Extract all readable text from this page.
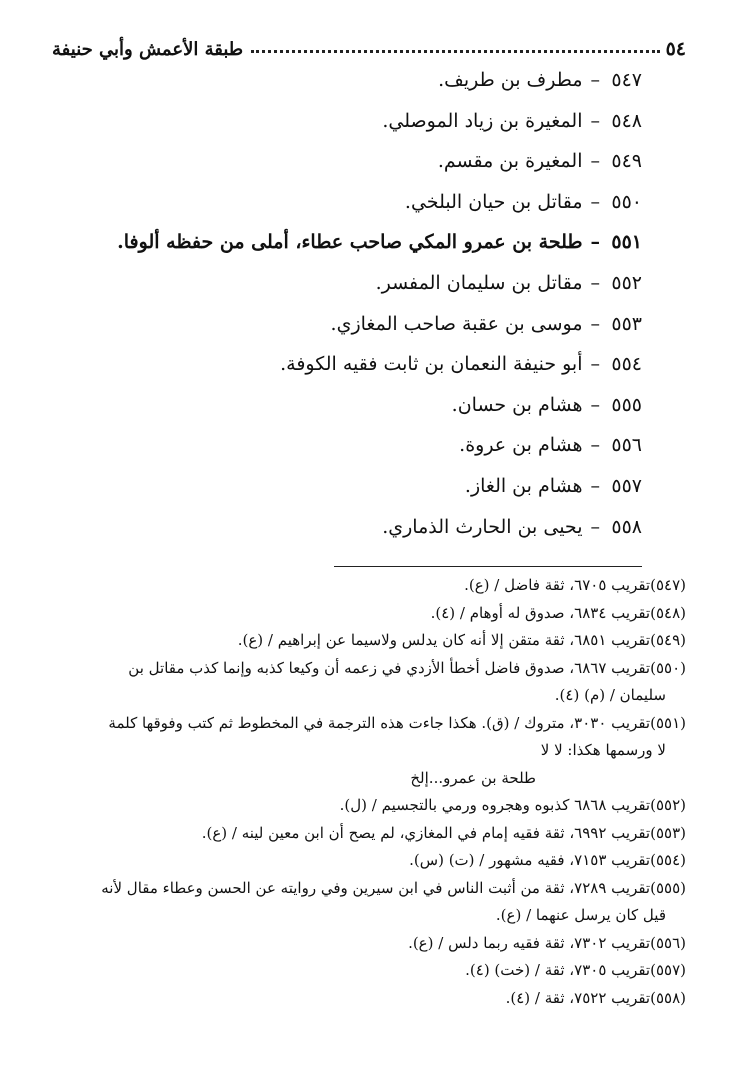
٥٤
طبقة الأعمش وأبي حنيفة
٥٤٧–مطرف بن طريف.
٥٤٨–المغيرة بن زياد الموصلي.
٥٤٩–المغيرة بن مقسم.
٥٥٠–مقاتل بن حيان البلخي.
٥٥١–طلحة بن عمرو المكي صاحب عطاء، أملى من حفظه ألوفا.
٥٥٢–مقاتل بن سليمان المفسر.
٥٥٣–موسى بن عقبة صاحب المغازي.
٥٥٤–أبو حنيفة النعمان بن ثابت فقيه الكوفة.
٥٥٥–هشام بن حسان.
٥٥٦–هشام بن عروة.
٥٥٧–هشام بن الغاز.
٥٥٨–يحيى بن الحارث الذماري.
(٥٤٧)تقريب ٦٧٠٥، ثقة فاضل / (ع).
(٥٤٨)تقريب ٦٨٣٤، صدوق له أوهام / (٤).
(٥٤٩)تقريب ٦٨٥١، ثقة متقن إلا أنه كان يدلس ولاسيما عن إبراهيم / (ع).
(٥٥٠)تقريب ٦٨٦٧، صدوق فاضل أخطأ الأزدي في زعمه أن وكيعا كذبه وإنما كذب مقاتل بن
سليمان / (م) (٤).
(٥٥١)تقريب ٣٠٣٠، متروك / (ق). هكذا جاءت هذه الترجمة في المخطوط ثم كتب وفوقها كلمة
لا ورسمها هكذا: لا لا
طلحة بن عمرو...إلخ
(٥٥٢)تقريب ٦٨٦٨ كذبوه وهجروه ورمي بالتجسيم / (ل).
(٥٥٣)تقريب ٦٩٩٢، ثقة فقيه إمام في المغازي، لم يصح أن ابن معين لينه / (ع).
(٥٥٤)تقريب ٧١٥٣، فقيه مشهور / (ت) (س).
(٥٥٥)تقريب ٧٢٨٩، ثقة من أثبت الناس في ابن سيرين وفي روايته عن الحسن وعطاء مقال لأنه
قيل كان يرسل عنهما / (ع).
(٥٥٦)تقريب ٧٣٠٢، ثقة فقيه ربما دلس / (ع).
(٥٥٧)تقريب ٧٣٠٥، ثقة / (خت) (٤).
(٥٥٨)تقريب ٧٥٢٢، ثقة / (٤).
